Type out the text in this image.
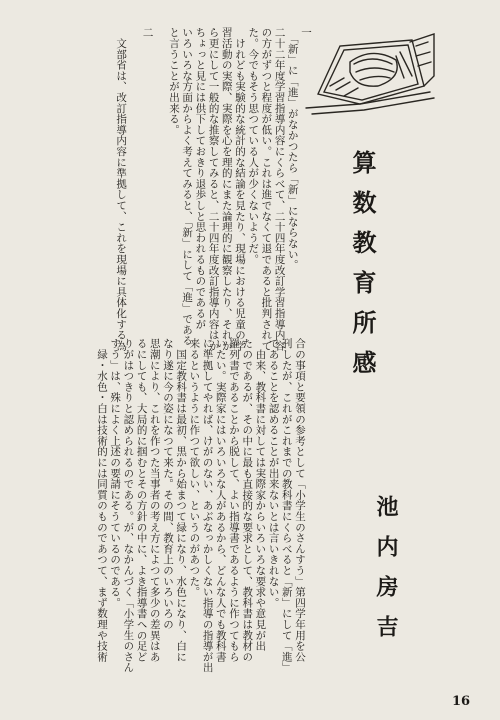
一
　「新」に「進」がなかつたら「新」にならない。
二十二年度学習指導内容にくらべて、二十四年度改訂学習指導内容
の方がずつと程度が低い。これは進でなくて退であると批判されて
た。今でもそう思つている人が少くないようだ。
　けれども実験的な統計的な結論を見たり、現場における児童の学
習活動の実際、実際を心を理的にまた論理的に観察したり、それか
ら更にして一般的な推察してみると、二十四年度改訂指導内容はか
ちょっと見には供下しておきり退歩しと思われるものであるが
いろいろな方面からよく考えてみると、「新」にして「進」である
と言うことが出来る。

二

　文部省は、改訂指導内容に準拠して、これを現場に具体化する為	算数教育所感
池内房吉
合の事項と要領の参考として「小学生のさんすう」第四学年用を公
刊したが、これがこれまでの教科書にくらべると「新」にして「進」
であることを認めることが出来ないとは言いきれない。
　由来、教科書に対しては実際家からいろいろな要求や意見が出
たのであるが、その中に最も直接的な要求として、教科書は教材の
羅列書であることから脱して、よい指導書であるように作つてもら
いたい。実際家にはいろいろな人があるから、どんな人でも教科書
に準拠してやれば、けがのない、あぶなっかしくない指導の指導が出
来るというように作つて欲しい、というのがあつた。
　国定教科書は最初、黒から始まつて緑になり、水色になり、白に
なり遂に今の姿になつて来た。その間、教育上のいろいろの
思潮により、これを作つた当事者の考え方によつて多少の差異はあ
るにしても、大局的に掴むとその方針の中に、よき指導書への足ど
りがはつきりと認められるのである。が、なかんづく「小学生のさん
すう」は、殊によく上述の要請にそうているのである。
　緑・水色・白は技術的には同質のものであつて、まず数理や技術
16
